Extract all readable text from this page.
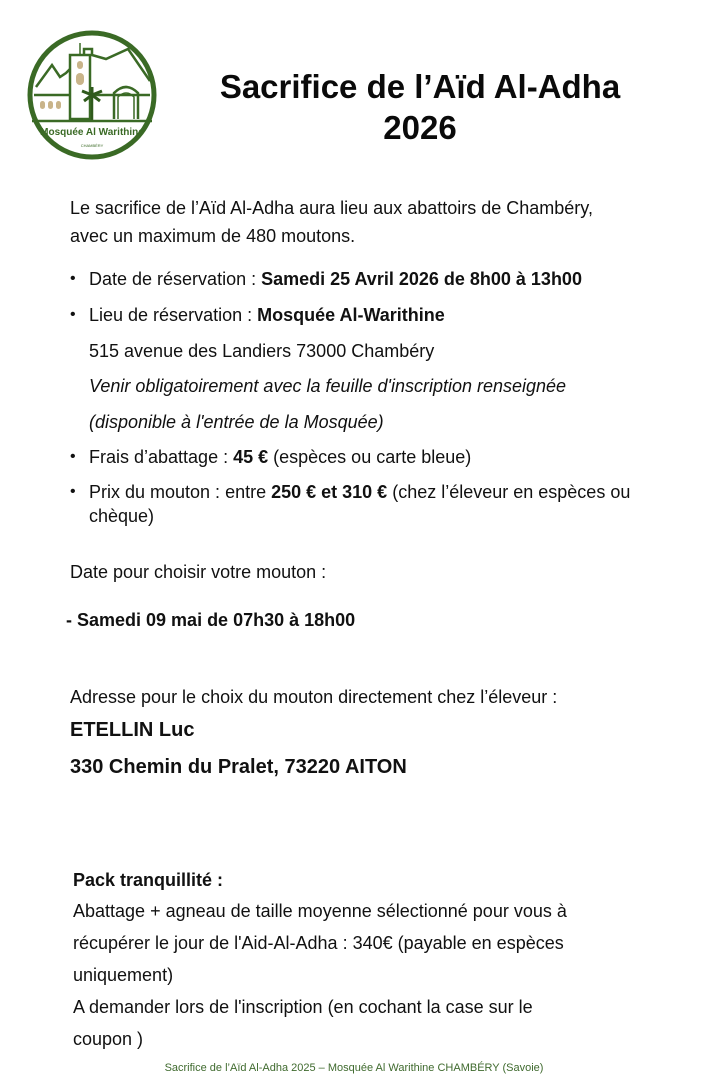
Mosquée Al Warithine
CHAMBÉRY
Sacrifice de l’Aïd Al-Adha
2026
Le sacrifice de l’Aïd Al-Adha aura lieu aux abattoirs de Chambéry,
avec un maximum de 480 moutons.
• Date de réservation : Samedi 25 Avril 2026 de 8h00 à 13h00
• Lieu de réservation : Mosquée Al-Warithine
515 avenue des Landiers 73000 Chambéry
Venir obligatoirement avec la feuille d'inscription renseignée
(disponible à l'entrée de la Mosquée)
• Frais d’abattage : 45 € (espèces ou carte bleue)
• Prix du mouton : entre 250 € et 310 € (chez l’éleveur en espèces ou
chèque)
Date pour choisir votre mouton :
- Samedi 09 mai de 07h30 à 18h00
Adresse pour le choix du mouton directement chez l’éleveur :
ETELLIN Luc
330 Chemin du Pralet, 73220 AITON
Pack tranquillité :
Abattage + agneau de taille moyenne sélectionné pour vous à
récupérer le jour de l'Aid-Al-Adha : 340€ (payable en espèces
uniquement)
A demander lors de l'inscription (en cochant la case sur le
coupon )
Sacrifice de l’Aïd Al-Adha 2025 – Mosquée Al Warithine CHAMBÉRY (Savoie)
